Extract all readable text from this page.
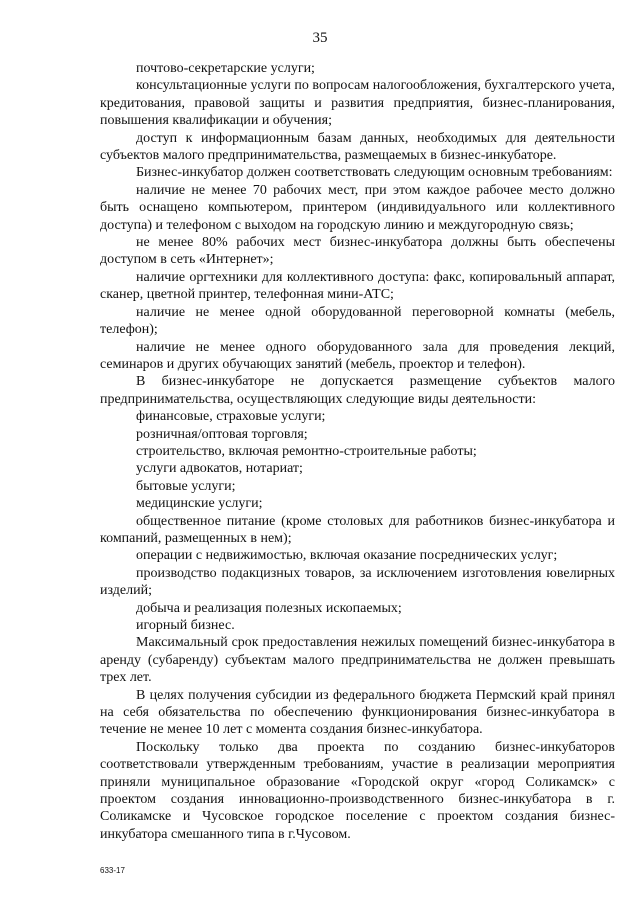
35

почтово-секретарские услуги;

консультационные услуги по вопросам налогообложения, бухгалтерского учета, кредитования, правовой защиты и развития предприятия, бизнес-планирования, повышения квалификации и обучения;

доступ к информационным базам данных, необходимых для деятельности субъектов малого предпринимательства, размещаемых в бизнес-инкубаторе.

Бизнес-инкубатор должен соответствовать следующим основным требованиям:

наличие не менее 70 рабочих мест, при этом каждое рабочее место должно быть оснащено компьютером, принтером (индивидуального или коллективного доступа) и телефоном с выходом на городскую линию и междугородную связь;

не менее 80% рабочих мест бизнес-инкубатора должны быть обеспечены доступом в сеть «Интернет»;

наличие оргтехники для коллективного доступа: факс, копировальный аппарат, сканер, цветной принтер, телефонная мини-АТС;

наличие не менее одной оборудованной переговорной комнаты (мебель, телефон);

наличие не менее одного оборудованного зала для проведения лекций, семинаров и других обучающих занятий (мебель, проектор и телефон).

В бизнес-инкубаторе не допускается размещение субъектов малого предпринимательства, осуществляющих следующие виды деятельности:

финансовые, страховые услуги;

розничная/оптовая торговля;

строительство, включая ремонтно-строительные работы;

услуги адвокатов, нотариат;

бытовые услуги;

медицинские услуги;

общественное питание (кроме столовых для работников бизнес-инкубатора и компаний, размещенных в нем);

операции с недвижимостью, включая оказание посреднических услуг;

производство подакцизных товаров, за исключением изготовления ювелирных изделий;

добыча и реализация полезных ископаемых;

игорный бизнес.

Максимальный срок предоставления нежилых помещений бизнес-инкубатора в аренду (субаренду) субъектам малого предпринимательства не должен превышать трех лет.

В целях получения субсидии из федерального бюджета Пермский край принял на себя обязательства по обеспечению функционирования бизнес-инкубатора в течение не менее 10 лет с момента создания бизнес-инкубатора.

Поскольку только два проекта по созданию бизнес-инкубаторов соответствовали утвержденным требованиям, участие в реализации мероприятия приняли муниципальное образование «Городской округ «город Соликамск» с проектом создания инновационно-производственного бизнес-инкубатора в г. Соликамске и Чусовское городское поселение с проектом создания бизнес-инкубатора смешанного типа в г.Чусовом.

633-17
